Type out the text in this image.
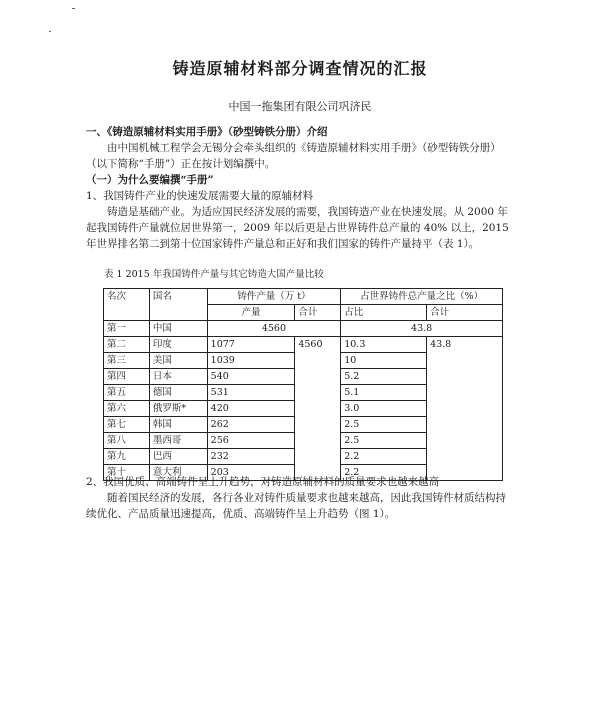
铸造原辅材料部分调查情况的汇报
中国一拖集团有限公司巩济民
一、《铸造原辅材料实用手册》（砂型铸铁分册）介绍
由中国机械工程学会无锡分会牵头组织的《铸造原辅材料实用手册》（砂型铸铁分册）（以下简称“手册”）正在按计划编撰中。
（一）为什么要编撰“手册”
1、我国铸件产业的快速发展需要大量的原辅材料
铸造是基础产业。为适应国民经济发展的需要，我国铸造产业在快速发展。从 2000 年起我国铸件产量就位居世界第一，2009 年以后更是占世界铸件总产量的 40% 以上，2015 年世界排名第二到第十位国家铸件产量总和正好和我们国家的铸件产量持平（表 1）。
表 1 2015 年我国铸件产量与其它铸造大国产量比较
名次	国名	铸件产量（万 t）		占世界铸件总产量之比（%）	
		产量	合计	占比	合计
第一	中国	4560		43.8	
第二	印度	1077	4560	10.3	43.8
第三	美国	1039		10	
第四	日本	540		5.2	
第五	德国	531		5.1	
第六	俄罗斯*	420		3.0	
第七	韩国	262		2.5	
第八	墨西哥	256		2.5	
第九	巴西	232		2.2	
第十	意大利	203		2.2	
2、我国优质、高端铸件呈上升趋势，对铸造原辅材料的质量要求也越来越高
随着国民经济的发展，各行各业对铸件质量要求也越来越高，因此我国铸件材质结构持续优化、产品质量迅速提高，优质、高端铸件呈上升趋势（图 1）。
